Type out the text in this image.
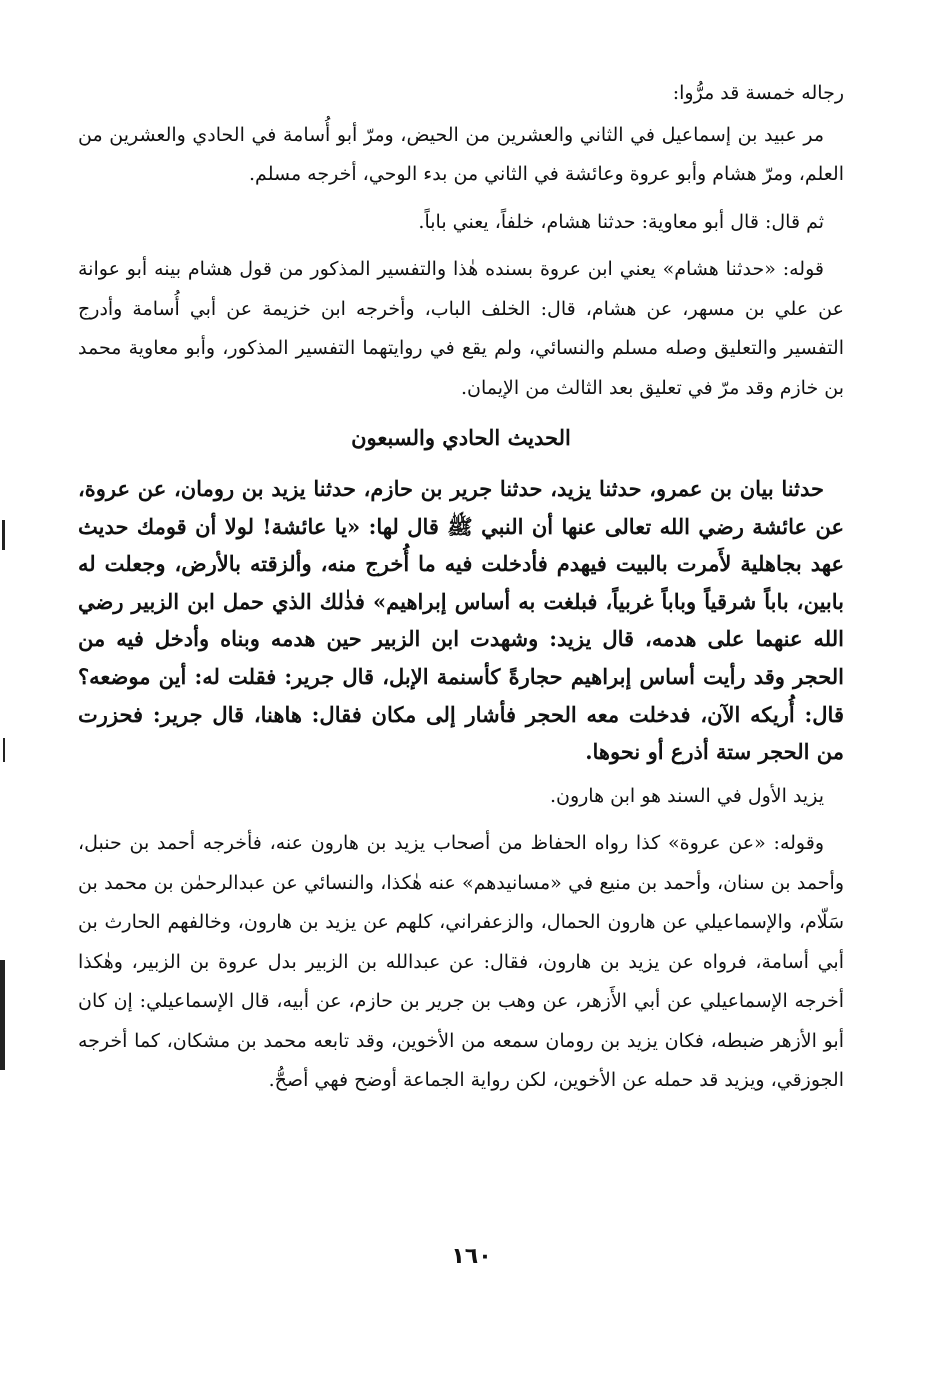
رجاله خمسة قد مرُّوا:

مر عبيد بن إسماعيل في الثاني والعشرين من الحيض، ومرّ أبو أُسامة في الحادي والعشرين من العلم، ومرّ هشام وأبو عروة وعائشة في الثاني من بدء الوحي، أخرجه مسلم.

ثم قال: قال أبو معاوية: حدثنا هشام، خلفاً، يعني باباً.

قوله: «حدثنا هشام» يعني ابن عروة بسنده هٰذا والتفسير المذكور من قول هشام بينه أبو عوانة عن علي بن مسهر، عن هشام، قال: الخلف الباب، وأخرجه ابن خزيمة عن أبي أُسامة وأدرج التفسير والتعليق وصله مسلم والنسائي، ولم يقع في روايتهما التفسير المذكور، وأبو معاوية محمد بن خازم وقد مرّ في تعليق بعد الثالث من الإيمان.

الحديث الحادي والسبعون

حدثنا بيان بن عمرو، حدثنا يزيد، حدثنا جرير بن حازم، حدثنا يزيد بن رومان، عن عروة، عن عائشة رضي الله تعالى عنها أن النبي ﷺ قال لها: «يا عائشة! لولا أن قومك حديث عهد بجاهلية لأَمرت بالبيت فيهدم فأدخلت فيه ما أُخرج منه، وألزقته بالأرض، وجعلت له بابين، باباً شرقياً وباباً غربياً، فبلغت به أساس إبراهيم» فذٰلك الذي حمل ابن الزبير رضي الله عنهما على هدمه، قال يزيد: وشهدت ابن الزبير حين هدمه وبناه وأدخل فيه من الحجر وقد رأيت أساس إبراهيم حجارةً كأسنمة الإبل، قال جرير: فقلت له: أين موضعه؟ قال: أُريكه الآن، فدخلت معه الحجر فأشار إلى مكان فقال: هاهنا، قال جرير: فحزرت من الحجر ستة أذرع أو نحوها.

يزيد الأول في السند هو ابن هارون.

وقوله: «عن عروة» كذا رواه الحفاظ من أصحاب يزيد بن هارون عنه، فأخرجه أحمد بن حنبل، وأحمد بن سنان، وأحمد بن منيع في «مسانيدهم» عنه هٰكذا، والنسائي عن عبدالرحمٰن بن محمد بن سَلّام، والإسماعيلي عن هارون الحمال، والزعفراني، كلهم عن يزيد بن هارون، وخالفهم الحارث بن أبي أسامة، فرواه عن يزيد بن هارون، فقال: عن عبدالله بن الزبير بدل عروة بن الزبير، وهٰكذا أخرجه الإسماعيلي عن أبي الأَزهر، عن وهب بن جرير بن حازم، عن أبيه، قال الإسماعيلي: إن كان أبو الأزهر ضبطه، فكان يزيد بن رومان سمعه من الأخوين، وقد تابعه محمد بن مشكان، كما أخرجه الجوزقي، ويزيد قد حمله عن الأخوين، لكن رواية الجماعة أوضح فهي أصحُّ.

١٦٠
